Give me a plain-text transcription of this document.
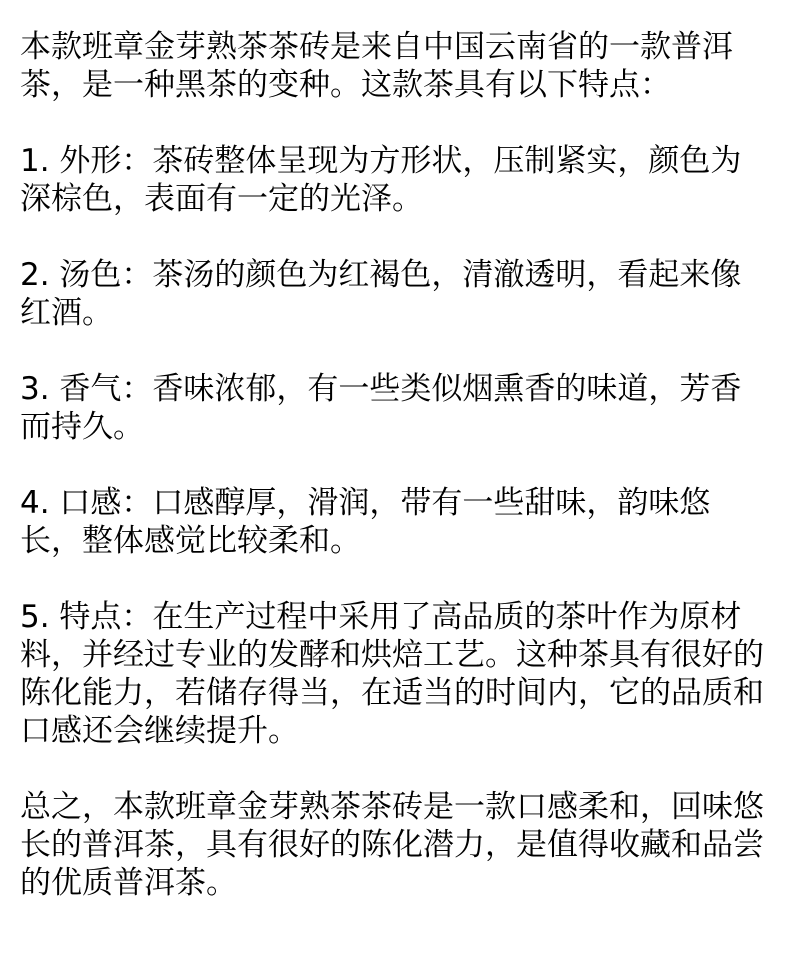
本款班章金芽熟茶茶砖是来自中国云南省的一款普洱茶，是一种黑茶的变种。这款茶具有以下特点：

1. 外形：茶砖整体呈现为方形状，压制紧实，颜色为深棕色，表面有一定的光泽。

2. 汤色：茶汤的颜色为红褐色，清澈透明，看起来像红酒。

3. 香气：香味浓郁，有一些类似烟熏香的味道，芳香而持久。

4. 口感：口感醇厚，滑润，带有一些甜味，韵味悠长，整体感觉比较柔和。

5. 特点：在生产过程中采用了高品质的茶叶作为原材料，并经过专业的发酵和烘焙工艺。这种茶具有很好的陈化能力，若储存得当，在适当的时间内，它的品质和口感还会继续提升。

总之，本款班章金芽熟茶茶砖是一款口感柔和，回味悠长的普洱茶，具有很好的陈化潜力，是值得收藏和品尝的优质普洱茶。
